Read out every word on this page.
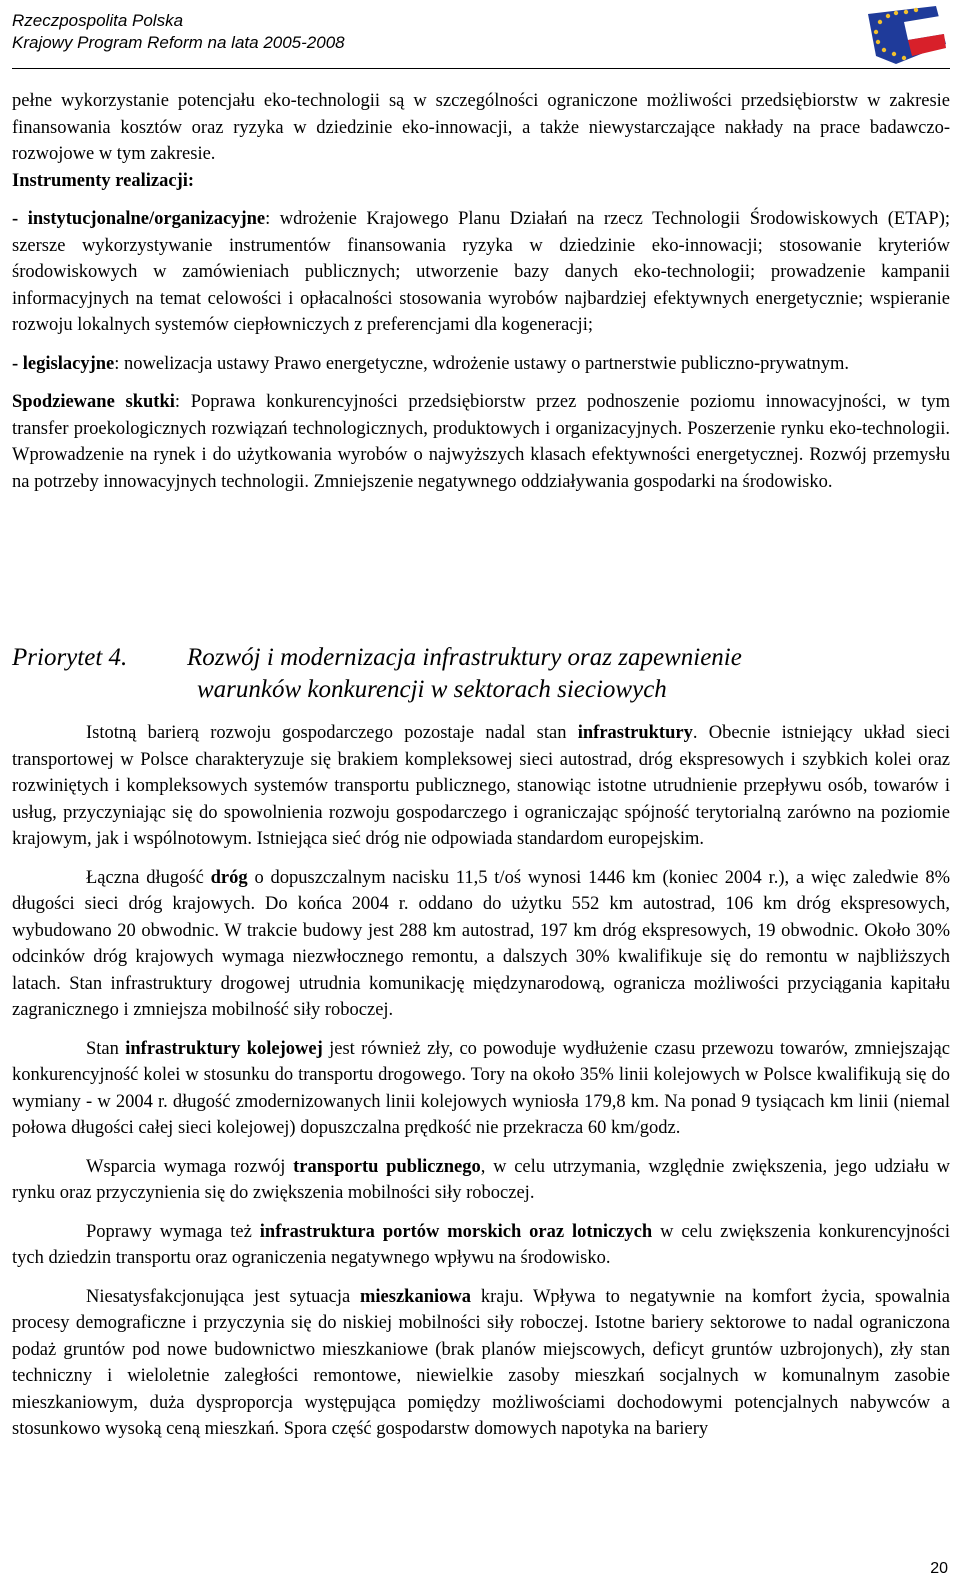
Rzeczpospolita Polska
Krajowy Program Reform na lata 2005-2008

pełne wykorzystanie potencjału eko-technologii są w szczególności ograniczone możliwości przedsiębiorstw w zakresie finansowania kosztów oraz ryzyka w dziedzinie eko-innowacji, a także niewystarczające nakłady na prace badawczo-rozwojowe w tym zakresie.

Instrumenty realizacji:

- instytucjonalne/organizacyjne: wdrożenie Krajowego Planu Działań na rzecz Technologii Środowiskowych (ETAP); szersze wykorzystywanie instrumentów finansowania ryzyka w dziedzinie eko-innowacji; stosowanie kryteriów środowiskowych w zamówieniach publicznych; utworzenie bazy danych eko-technologii; prowadzenie kampanii informacyjnych na temat celowości i opłacalności stosowania wyrobów najbardziej efektywnych energetycznie; wspieranie rozwoju lokalnych systemów ciepłowniczych z preferencjami dla kogeneracji;

- legislacyjne: nowelizacja ustawy Prawo energetyczne, wdrożenie ustawy o partnerstwie publiczno-prywatnym.

Spodziewane skutki: Poprawa konkurencyjności przedsiębiorstw przez podnoszenie poziomu innowacyjności, w tym transfer proekologicznych rozwiązań technologicznych, produktowych i organizacyjnych. Poszerzenie rynku eko-technologii. Wprowadzenie na rynek i do użytkowania wyrobów o najwyższych klasach efektywności energetycznej. Rozwój przemysłu na potrzeby innowacyjnych technologii. Zmniejszenie negatywnego oddziaływania gospodarki na środowisko.

Priorytet 4. Rozwój i modernizacja infrastruktury oraz zapewnienie
warunków konkurencji w sektorach sieciowych

Istotną barierą rozwoju gospodarczego pozostaje nadal stan infrastruktury. Obecnie istniejący układ sieci transportowej w Polsce charakteryzuje się brakiem kompleksowej sieci autostrad, dróg ekspresowych i szybkich kolei oraz rozwiniętych i kompleksowych systemów transportu publicznego, stanowiąc istotne utrudnienie przepływu osób, towarów i usług, przyczyniając się do spowolnienia rozwoju gospodarczego i ograniczając spójność terytorialną zarówno na poziomie krajowym, jak i wspólnotowym. Istniejąca sieć dróg nie odpowiada standardom europejskim.

Łączna długość dróg o dopuszczalnym nacisku 11,5 t/oś wynosi 1446 km (koniec 2004 r.), a więc zaledwie 8% długości sieci dróg krajowych. Do końca 2004 r. oddano do użytku 552 km autostrad, 106 km dróg ekspresowych, wybudowano 20 obwodnic. W trakcie budowy jest 288 km autostrad, 197 km dróg ekspresowych, 19 obwodnic. Około 30% odcinków dróg krajowych wymaga niezwłocznego remontu, a dalszych 30% kwalifikuje się do remontu w najbliższych latach. Stan infrastruktury drogowej utrudnia komunikację międzynarodową, ogranicza możliwości przyciągania kapitału zagranicznego i zmniejsza mobilność siły roboczej.

Stan infrastruktury kolejowej jest również zły, co powoduje wydłużenie czasu przewozu towarów, zmniejszając konkurencyjność kolei w stosunku do transportu drogowego. Tory na około 35% linii kolejowych w Polsce kwalifikują się do wymiany - w 2004 r. długość zmodernizowanych linii kolejowych wyniosła 179,8 km. Na ponad 9 tysiącach km linii (niemal połowa długości całej sieci kolejowej) dopuszczalna prędkość nie przekracza 60 km/godz.

Wsparcia wymaga rozwój transportu publicznego, w celu utrzymania, względnie zwiększenia, jego udziału w rynku oraz przyczynienia się do zwiększenia mobilności siły roboczej.

Poprawy wymaga też infrastruktura portów morskich oraz lotniczych w celu zwiększenia konkurencyjności tych dziedzin transportu oraz ograniczenia negatywnego wpływu na środowisko.

Niesatysfakcjonująca jest sytuacja mieszkaniowa kraju. Wpływa to negatywnie na komfort życia, spowalnia procesy demograficzne i przyczynia się do niskiej mobilności siły roboczej. Istotne bariery sektorowe to nadal ograniczona podaż gruntów pod nowe budownictwo mieszkaniowe (brak planów miejscowych, deficyt gruntów uzbrojonych), zły stan techniczny i wieloletnie zaległości remontowe, niewielkie zasoby mieszkań socjalnych w komunalnym zasobie mieszkaniowym, duża dysproporcja występująca pomiędzy możliwościami dochodowymi potencjalnych nabywców a stosunkowo wysoką ceną mieszkań. Spora część gospodarstw domowych napotyka na bariery

20
